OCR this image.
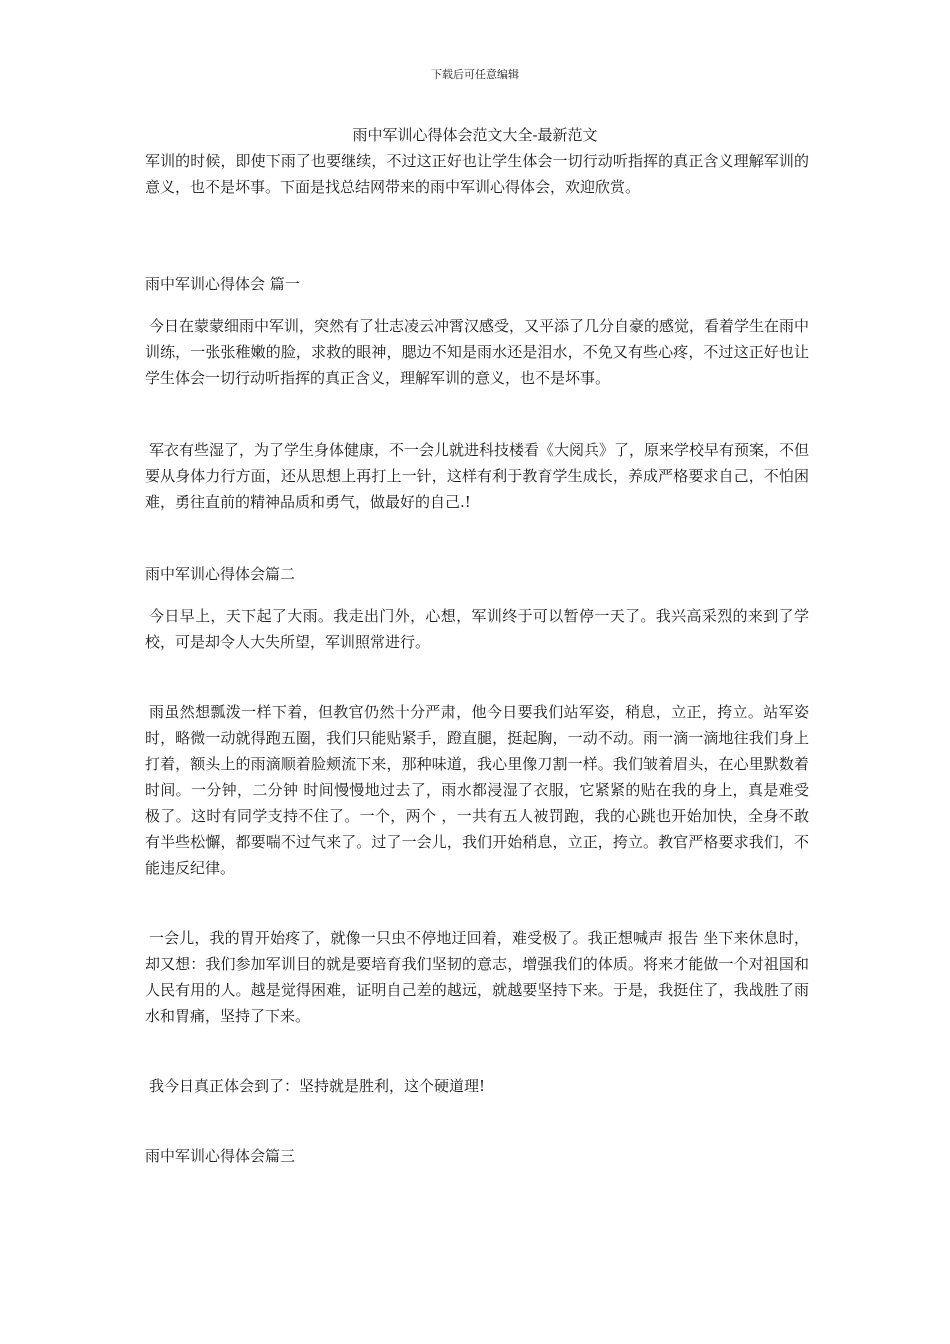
下载后可任意编辑
雨中军训心得体会范文大全-最新范文

军训的时候，即使下雨了也要继续，不过这正好也让学生体会一切行动听指挥的真正含义理解军训的意义，也不是坏事。下面是找总结网带来的雨中军训心得体会，欢迎欣赏。

雨中军训心得体会 篇一

今日在蒙蒙细雨中军训，突然有了壮志凌云冲霄汉感受，又平添了几分自豪的感觉，看着学生在雨中训练，一张张稚嫩的脸，求救的眼神，腮边不知是雨水还是泪水，不免又有些心疼，不过这正好也让学生体会一切行动听指挥的真正含义，理解军训的意义，也不是坏事。

军衣有些湿了，为了学生身体健康，不一会儿就进科技楼看《大阅兵》了，原来学校早有预案，不但要从身体力行方面，还从思想上再打上一针，这样有利于教育学生成长，养成严格要求自己，不怕困难，勇往直前的精神品质和勇气，做最好的自己.!

雨中军训心得体会篇二

今日早上，天下起了大雨。我走出门外，心想，军训终于可以暂停一天了。我兴高采烈的来到了学校，可是却令人大失所望，军训照常进行。

雨虽然想瓢泼一样下着，但教官仍然十分严肃，他今日要我们站军姿，稍息，立正，挎立。站军姿时，略微一动就得跑五圈，我们只能贴紧手，蹬直腿，挺起胸，一动不动。雨一滴一滴地往我们身上打着，额头上的雨滴顺着脸颊流下来，那种味道，我心里像刀割一样。我们皱着眉头，在心里默数着时间。一分钟，二分钟 时间慢慢地过去了，雨水都浸湿了衣服，它紧紧的贴在我的身上，真是难受极了。这时有同学支持不住了。一个，两个 ，一共有五人被罚跑，我的心跳也开始加快，全身不敢有半些松懈，都要喘不过气来了。过了一会儿，我们开始稍息，立正，挎立。教官严格要求我们，不能违反纪律。

一会儿，我的胃开始疼了，就像一只虫不停地迂回着，难受极了。我正想喊声 报告 坐下来休息时，却又想：我们参加军训目的就是要培育我们坚韧的意志，增强我们的体质。将来才能做一个对祖国和人民有用的人。越是觉得困难，证明自己差的越远，就越要坚持下来。于是，我挺住了，我战胜了雨水和胃痛，坚持了下来。

我今日真正体会到了：坚持就是胜利，这个硬道理!

雨中军训心得体会篇三
